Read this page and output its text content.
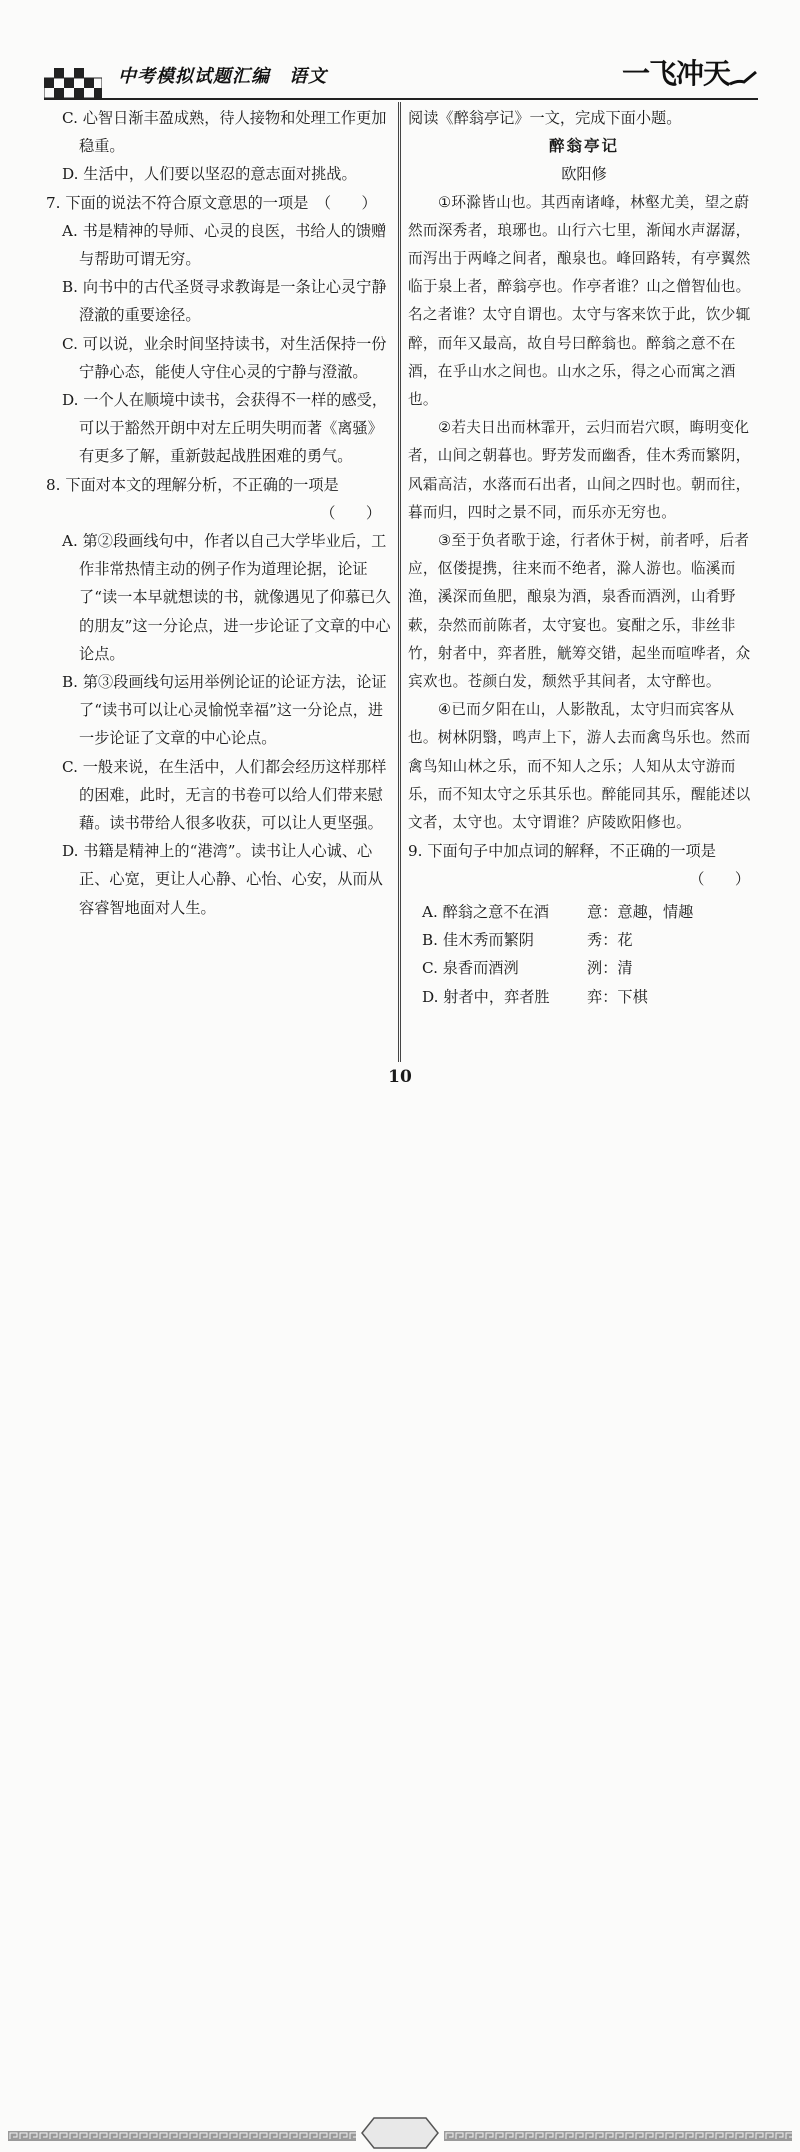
中考模拟试题汇编　语文	一飞冲天
C. 心智日渐丰盈成熟，待人接物和处理工作更加稳重。
D. 生活中，人们要以坚忍的意志面对挑战。
7. 下面的说法不符合原文意思的一项是　（　　）
A. 书是精神的导师、心灵的良医，书给人的馈赠与帮助可谓无穷。
B. 向书中的古代圣贤寻求教诲是一条让心灵宁静澄澈的重要途径。
C. 可以说，业余时间坚持读书，对生活保持一份宁静心态，能使人守住心灵的宁静与澄澈。
D. 一个人在顺境中读书，会获得不一样的感受，可以于豁然开朗中对左丘明失明而著《离骚》有更多了解，重新鼓起战胜困难的勇气。
8. 下面对本文的理解分析，不正确的一项是
（　　）
A. 第②段画线句中，作者以自己大学毕业后，工作非常热情主动的例子作为道理论据，论证了“读一本早就想读的书，就像遇见了仰慕已久的朋友”这一分论点，进一步论证了文章的中心论点。
B. 第③段画线句运用举例论证的论证方法，论证了“读书可以让心灵愉悦幸福”这一分论点，进一步论证了文章的中心论点。
C. 一般来说，在生活中，人们都会经历这样那样的困难，此时，无言的书卷可以给人们带来慰藉。读书带给人很多收获，可以让人更坚强。
D. 书籍是精神上的“港湾”。读书让人心诚、心正、心宽，更让人心静、心怡、心安，从而从容睿智地面对人生。
阅读《醉翁亭记》一文，完成下面小题。
醉翁亭记
欧阳修
①环滁皆山也。其西南诸峰，林壑尤美，望之蔚然而深秀者，琅琊也。山行六七里，渐闻水声潺潺，而泻出于两峰之间者，酿泉也。峰回路转，有亭翼然临于泉上者，醉翁亭也。作亭者谁？山之僧智仙也。名之者谁？太守自谓也。太守与客来饮于此，饮少辄醉，而年又最高，故自号曰醉翁也。醉翁之意不在酒，在乎山水之间也。山水之乐，得之心而寓之酒也。
②若夫日出而林霏开，云归而岩穴暝，晦明变化者，山间之朝暮也。野芳发而幽香，佳木秀而繁阴，风霜高洁，水落而石出者，山间之四时也。朝而往，暮而归，四时之景不同，而乐亦无穷也。
③至于负者歌于途，行者休于树，前者呼，后者应，伛偻提携，往来而不绝者，滁人游也。临溪而渔，溪深而鱼肥，酿泉为酒，泉香而酒洌，山肴野蔌，杂然而前陈者，太守宴也。宴酣之乐，非丝非竹，射者中，弈者胜，觥筹交错，起坐而喧哗者，众宾欢也。苍颜白发，颓然乎其间者，太守醉也。
④已而夕阳在山，人影散乱，太守归而宾客从也。树林阴翳，鸣声上下，游人去而禽鸟乐也。然而禽鸟知山林之乐，而不知人之乐；人知从太守游而乐，而不知太守之乐其乐也。醉能同其乐，醒能述以文者，太守也。太守谓谁？庐陵欧阳修也。
9. 下面句子中加点词的解释，不正确的一项是
（　　）
A. 醉翁之意不在酒	意：意趣，情趣
B. 佳木秀而繁阴	秀：花
C. 泉香而酒洌	洌：清
D. 射者中，弈者胜	弈：下棋
10
